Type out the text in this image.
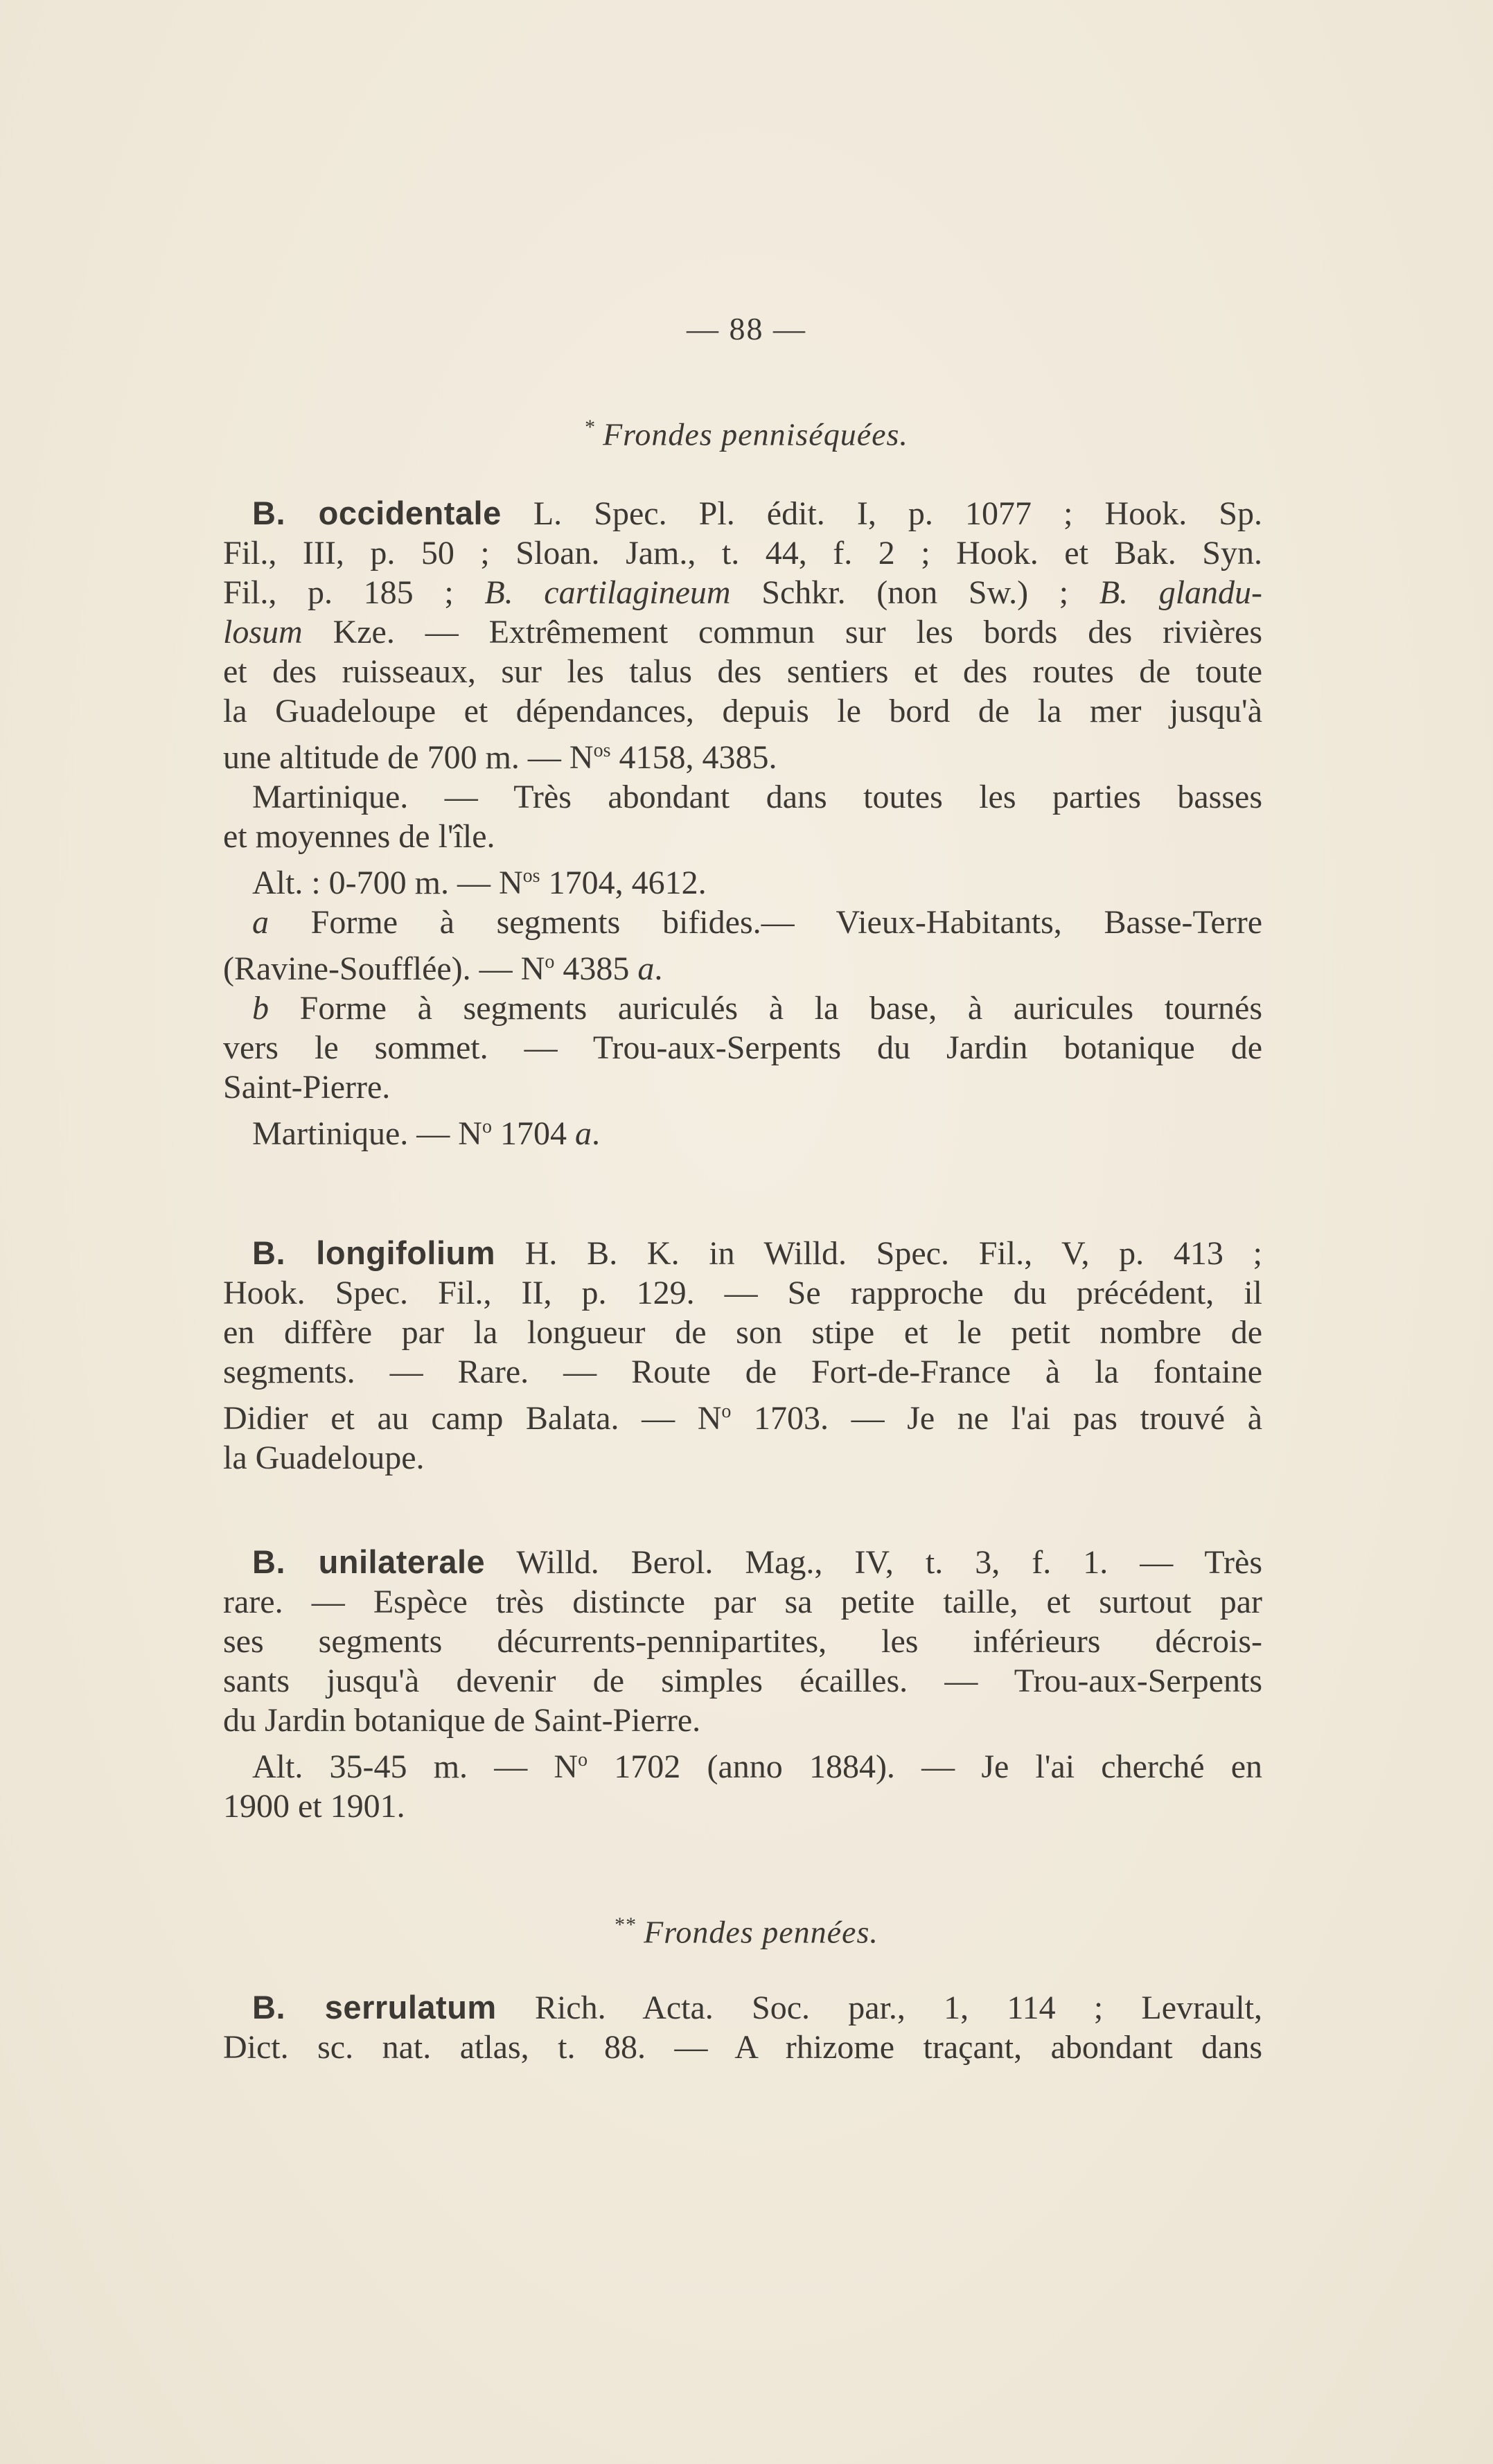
— 88 —
* Frondes penniséquées.
B. occidentale L. Spec. Pl. édit. I, p. 1077 ; Hook. Sp.
Fil., III, p. 50 ; Sloan. Jam., t. 44, f. 2 ; Hook. et Bak. Syn.
Fil., p. 185 ; B. cartilagineum Schkr. (non Sw.) ; B. glandu-
losum Kze. — Extrêmement commun sur les bords des rivières
et des ruisseaux, sur les talus des sentiers et des routes de toute
la Guadeloupe et dépendances, depuis le bord de la mer jusqu'à
une altitude de 700 m. — $N^{os}$ 4158, 4385.
Martinique. — Très abondant dans toutes les parties basses
et moyennes de l'île.
Alt. : 0-700 m. — $N^{os}$ 1704, 4612.
a Forme à segments bifides.— Vieux-Habitants, Basse-Terre
(Ravine-Soufflée). — $N^o$ 4385 a.
b Forme à segments auriculés à la base, à auricules tournés
vers le sommet. — Trou-aux-Serpents du Jardin botanique de
Saint-Pierre.
Martinique. — $N^o$ 1704 a.
B. longifolium H. B. K. in Willd. Spec. Fil., V, p. 413 ;
Hook. Spec. Fil., II, p. 129. — Se rapproche du précédent, il
en diffère par la longueur de son stipe et le petit nombre de
segments. — Rare. — Route de Fort-de-France à la fontaine
Didier et au camp Balata. — $N^o$ 1703. — Je ne l'ai pas trouvé à
la Guadeloupe.
B. unilaterale Willd. Berol. Mag., IV, t. 3, f. 1. — Très
rare. — Espèce très distincte par sa petite taille, et surtout par
ses segments décurrents-pennipartites, les inférieurs décrois-
sants jusqu'à devenir de simples écailles. — Trou-aux-Serpents
du Jardin botanique de Saint-Pierre.
Alt. 35-45 m. — $N^o$ 1702 (anno 1884). — Je l'ai cherché en
1900 et 1901.
** Frondes pennées.
B. serrulatum Rich. Acta. Soc. par., 1, 114 ; Levrault,
Dict. sc. nat. atlas, t. 88. — A rhizome traçant, abondant dans
